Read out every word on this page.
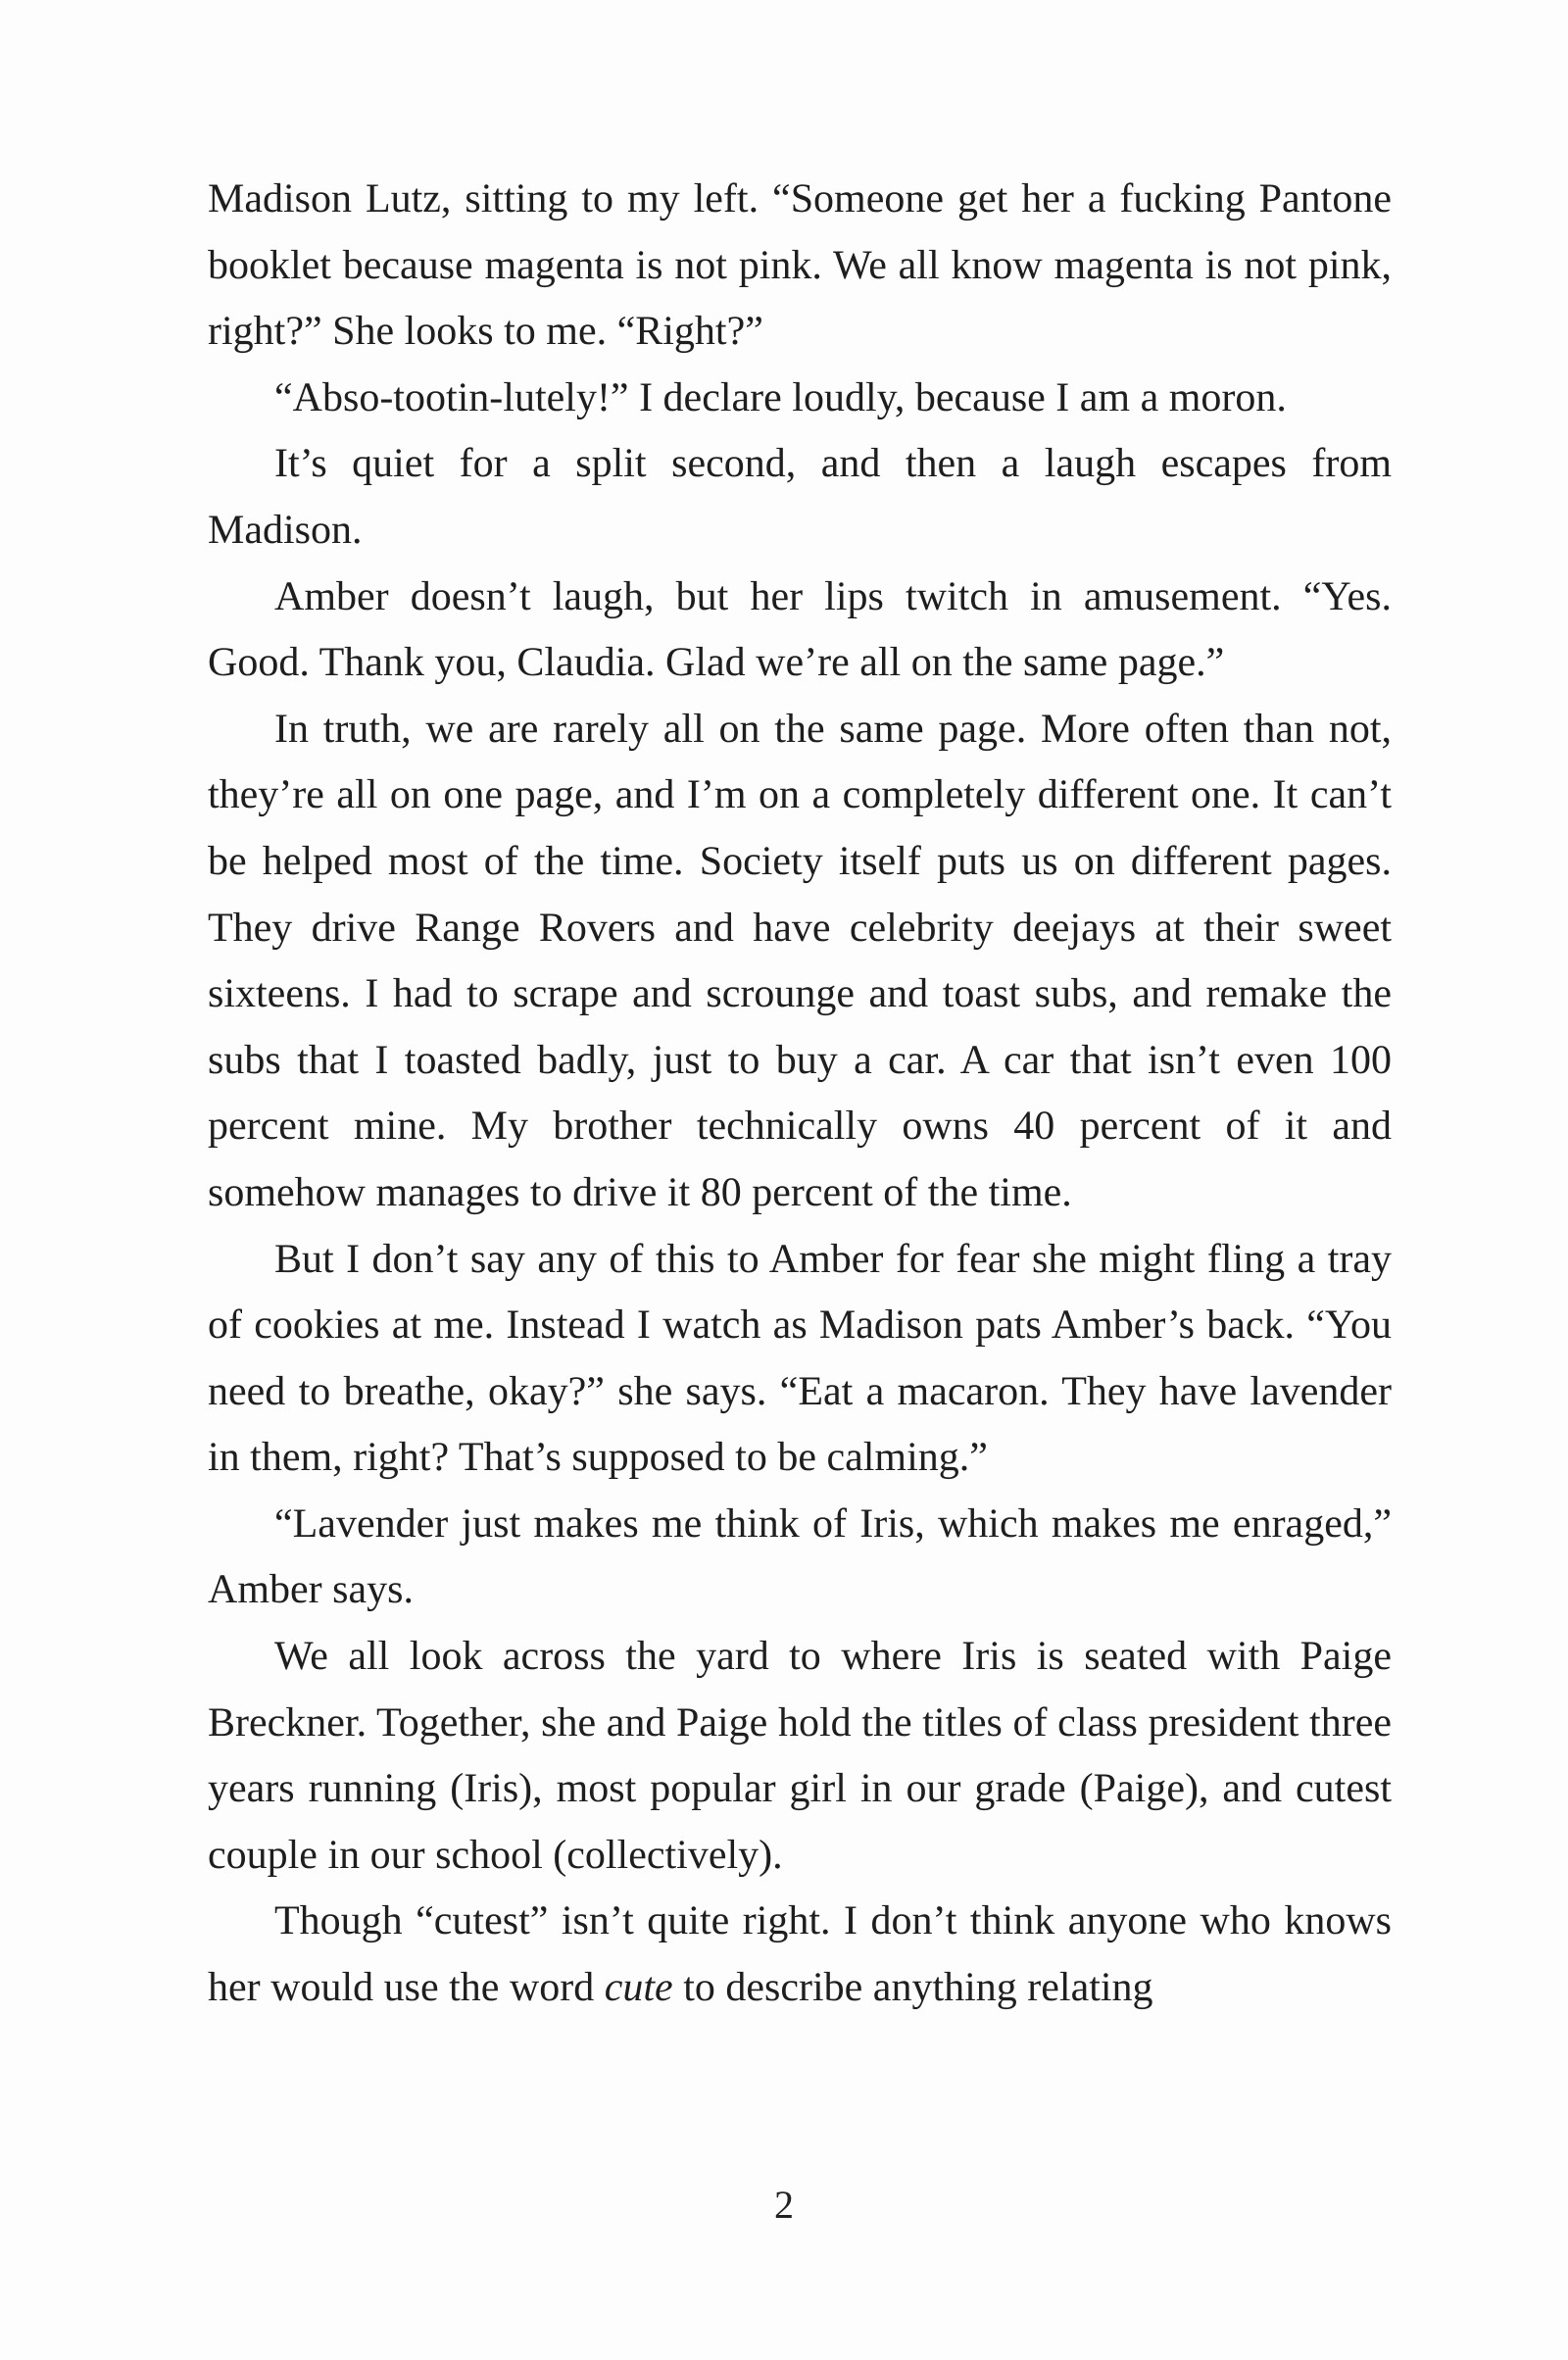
Madison Lutz, sitting to my left. “Someone get her a fucking Pantone booklet because magenta is not pink. We all know magenta is not pink, right?” She looks to me. “Right?”

“Abso-tootin-lutely!” I declare loudly, because I am a moron.

It’s quiet for a split second, and then a laugh escapes from Madison.

Amber doesn’t laugh, but her lips twitch in amusement. “Yes. Good. Thank you, Claudia. Glad we’re all on the same page.”

In truth, we are rarely all on the same page. More often than not, they’re all on one page, and I’m on a completely different one. It can’t be helped most of the time. Society itself puts us on different pages. They drive Range Rovers and have celebrity deejays at their sweet sixteens. I had to scrape and scrounge and toast subs, and remake the subs that I toasted badly, just to buy a car. A car that isn’t even 100 percent mine. My brother technically owns 40 percent of it and somehow manages to drive it 80 percent of the time.

But I don’t say any of this to Amber for fear she might fling a tray of cookies at me. Instead I watch as Madison pats Amber’s back. “You need to breathe, okay?” she says. “Eat a macaron. They have lavender in them, right? That’s supposed to be calming.”

“Lavender just makes me think of Iris, which makes me enraged,” Amber says.

We all look across the yard to where Iris is seated with Paige Breckner. Together, she and Paige hold the titles of class president three years running (Iris), most popular girl in our grade (Paige), and cutest couple in our school (collectively).

Though “cutest” isn’t quite right. I don’t think anyone who knows her would use the word cute to describe anything relating

2
